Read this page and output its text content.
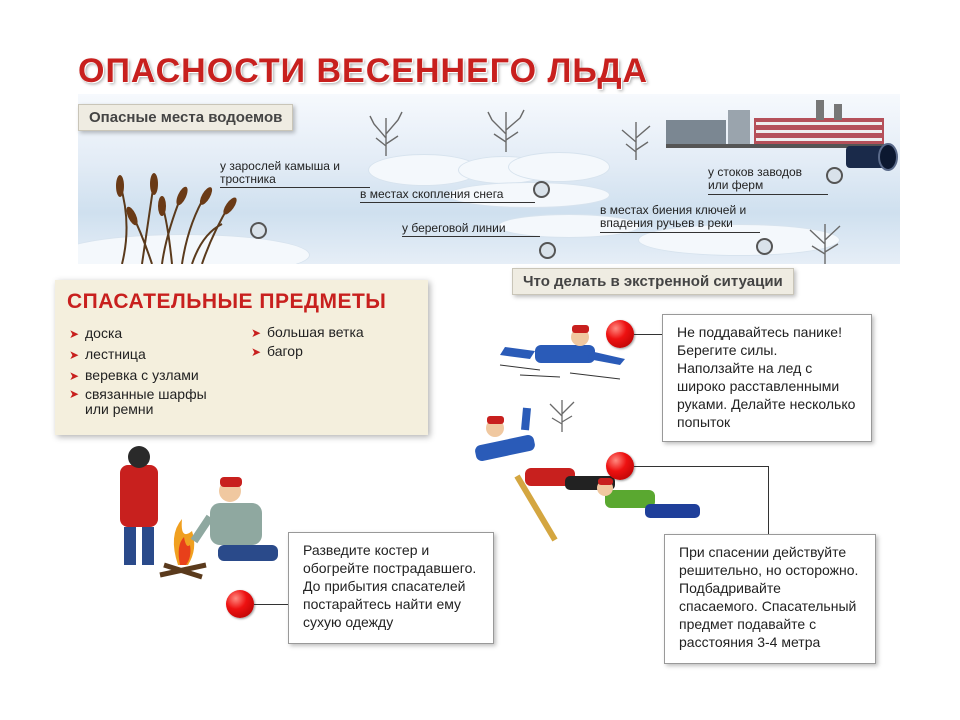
ОПАСНОСТИ ВЕСЕННЕГО ЛЬДА
Опасные места водоемов
у зарослей камыша и
тростника
в местах скопления снега
у береговой линии
у стоков заводов
или ферм
в местах биения ключей и
впадения ручьев в реки
Что делать в экстренной ситуации
СПАСАТЕЛЬНЫЕ ПРЕДМЕТЫ
➤ доска
➤ лестница
➤ веревка с узлами
➤ связанные шарфы
или ремни
➤ большая ветка
➤ багор
Не поддавайтесь панике! Берегите силы. Наползайте на лед с широко расставленными руками. Делайте несколько попыток
При спасении действуйте решительно, но осторожно. Подбадривайте спасаемого. Спасательный предмет подавайте с расстояния 3-4 метра
Разведите костер и обогрейте пострадавшего. До прибытия спасателей постарайтесь найти ему сухую одежду
